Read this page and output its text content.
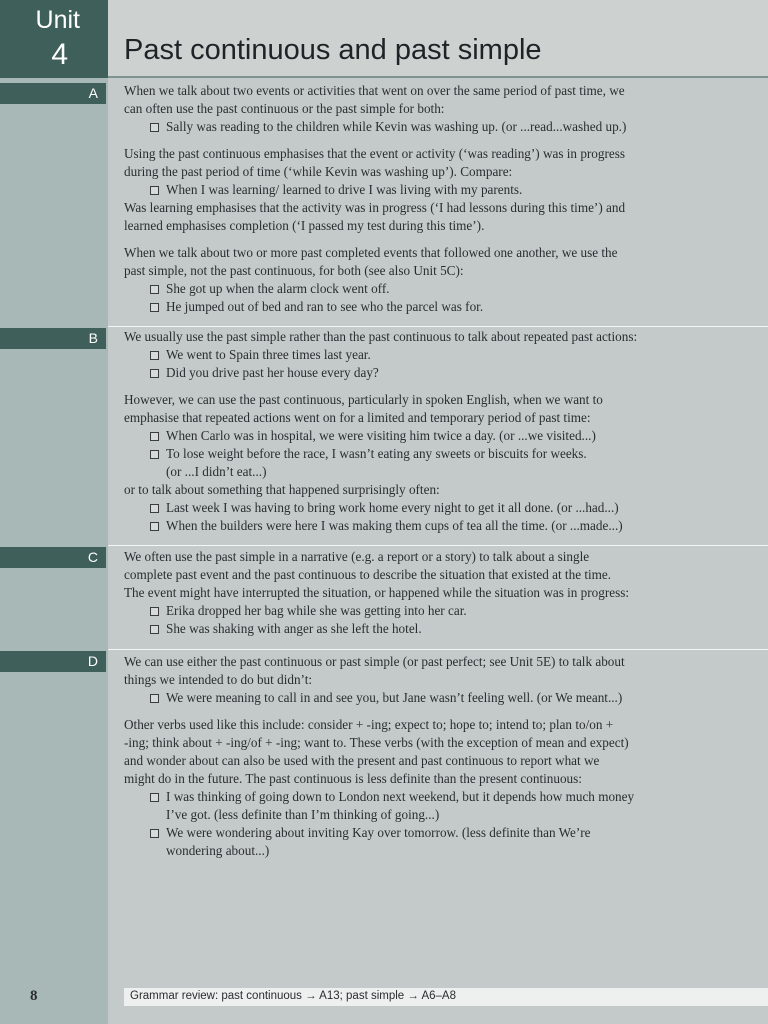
Unit
4 Past continuous and past simple
A When we talk about two events or activities that went on over the same period of past time, we
can often use the past continuous or the past simple for both:

Sally was reading to the children while Kevin was washing up. (or ...read...washed up.)

Using the past continuous emphasises that the event or activity (‘was reading’) was in progress
during the past period of time (‘while Kevin was washing up’). Compare:

When I was learning/ learned to drive I was living with my parents.

Was learning emphasises that the activity was in progress (‘I had lessons during this time’) and
learned emphasises completion (‘I passed my test during this time’).

When we talk about two or more past completed events that followed one another, we use the
past simple, not the past continuous, for both (see also Unit 5C):

She got up when the alarm clock went off.
He jumped out of bed and ran to see who the parcel was for.
B We usually use the past simple rather than the past continuous to talk about repeated past actions:

We went to Spain three times last year.
Did you drive past her house every day?

However, we can use the past continuous, particularly in spoken English, when we want to
emphasise that repeated actions went on for a limited and temporary period of past time:

When Carlo was in hospital, we were visiting him twice a day. (or ...we visited...)
To lose weight before the race, I wasn’t eating any sweets or biscuits for weeks.
(or ...I didn’t eat...)

or to talk about something that happened surprisingly often:

Last week I was having to bring work home every night to get it all done. (or ...had...)
When the builders were here I was making them cups of tea all the time. (or ...made...)
C We often use the past simple in a narrative (e.g. a report or a story) to talk about a single
complete past event and the past continuous to describe the situation that existed at the time.
The event might have interrupted the situation, or happened while the situation was in progress:

Erika dropped her bag while she was getting into her car.
She was shaking with anger as she left the hotel.
D We can use either the past continuous or past simple (or past perfect; see Unit 5E) to talk about
things we intended to do but didn’t:

We were meaning to call in and see you, but Jane wasn’t feeling well. (or We meant...)

Other verbs used like this include: consider + -ing; expect to; hope to; intend to; plan to/on +
-ing; think about + -ing/of + -ing; want to. These verbs (with the exception of mean and expect)
and wonder about can also be used with the present and past continuous to report what we
might do in the future. The past continuous is less definite than the present continuous:

I was thinking of going down to London next weekend, but it depends how much money
I’ve got. (less definite than I’m thinking of going...)
We were wondering about inviting Kay over tomorrow. (less definite than We’re
wondering about...)
8	Grammar review: past continuous → A13; past simple → A6–A8
